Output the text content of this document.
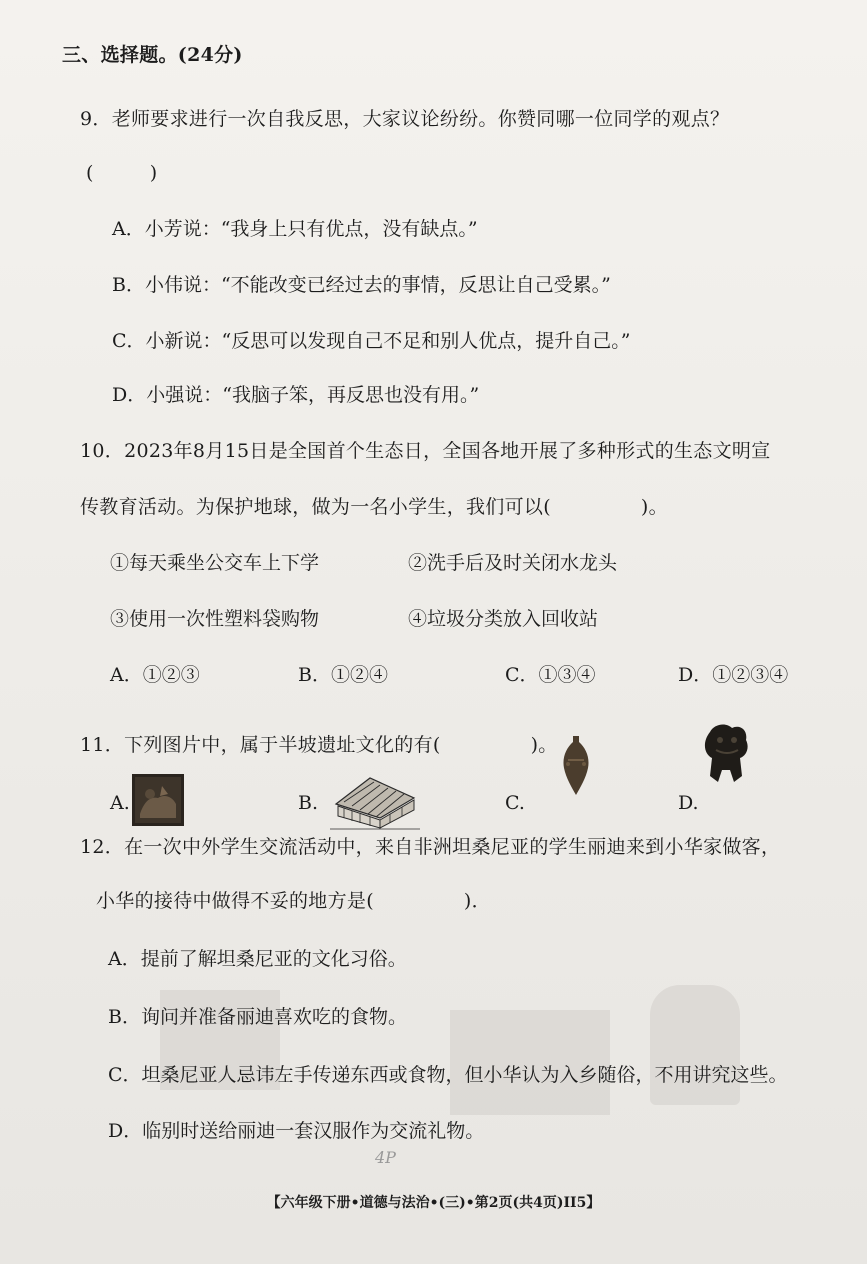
三、选择题。(24分)
9．老师要求进行一次自我反思，大家议论纷纷。你赞同哪一位同学的观点？
(	)
A．小芳说：“我身上只有优点，没有缺点。”
B．小伟说：“不能改变已经过去的事情，反思让自己受累。”
C．小新说：“反思可以发现自己不足和别人优点，提升自己。”
D．小强说：“我脑子笨，再反思也没有用。”
10．2023年8月15日是全国首个生态日，全国各地开展了多种形式的生态文明宣
传教育活动。为保护地球，做为一名小学生，我们可以(	)。
①每天乘坐公交车上下学	②洗手后及时关闭水龙头
③使用一次性塑料袋购物	④垃圾分类放入回收站
A．①②③	B．①②④	C．①③④	D．①②③④
11．下列图片中，属于半坡遗址文化的有(	)。
A.	B.	C.	D.
12．在一次中外学生交流活动中，来自非洲坦桑尼亚的学生丽迪来到小华家做客，
小华的接待中做得不妥的地方是(	)．
A．提前了解坦桑尼亚的文化习俗。
B．询问并准备丽迪喜欢吃的食物。
C．坦桑尼亚人忌讳左手传递东西或食物，但小华认为入乡随俗，不用讲究这些。
D．临别时送给丽迪一套汉服作为交流礼物。
4P
【六年级下册•道德与法治•(三)•第2页(共4页)II5】
